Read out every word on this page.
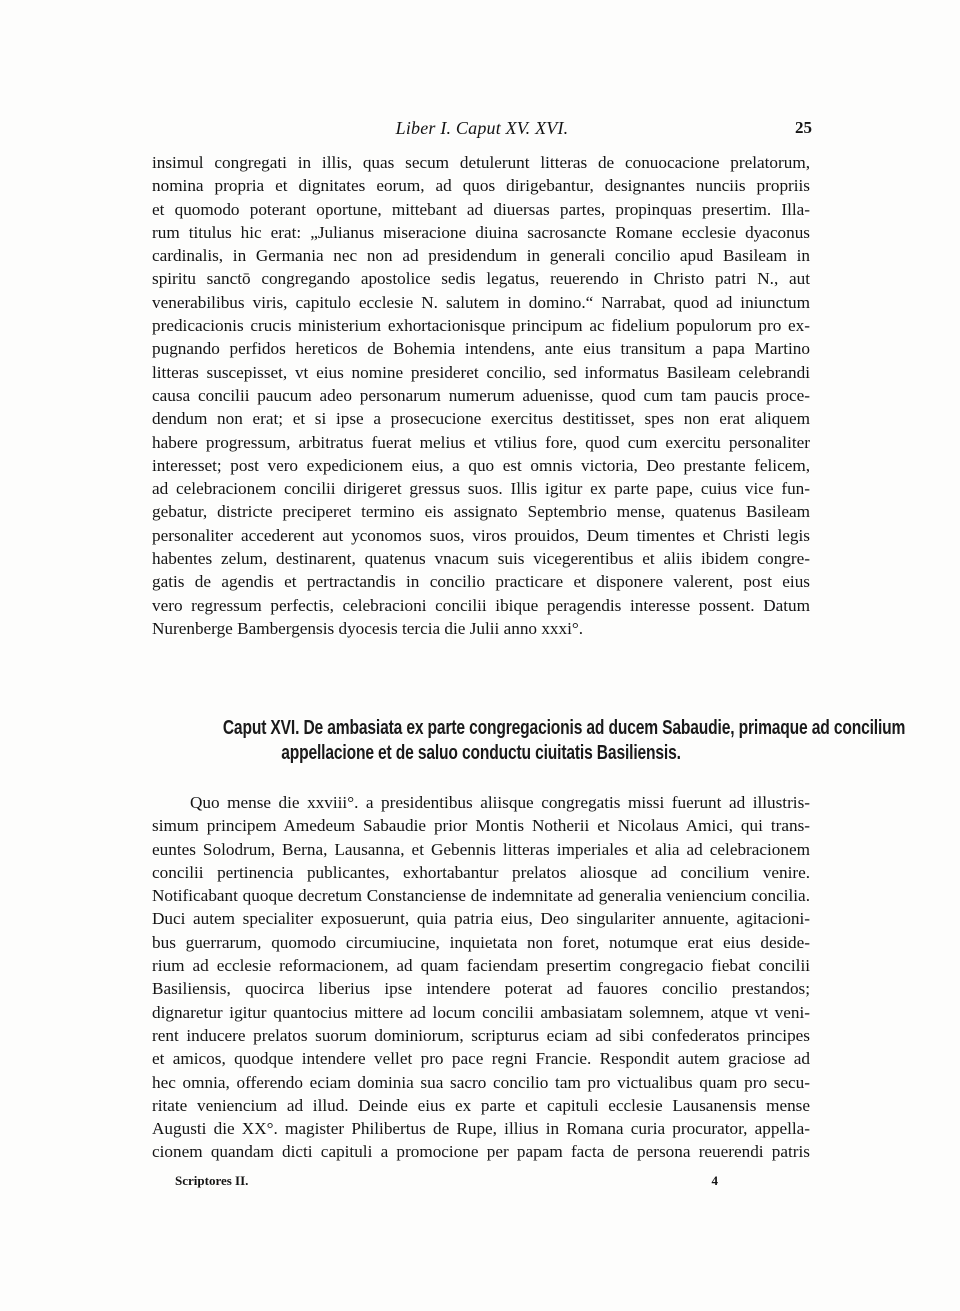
Liber I. Caput XV. XVI.	25
insimul congregati in illis, quas secum detulerunt litteras de conuocacione prelatorum,
nomina propria et dignitates eorum, ad quos dirigebantur, designantes nunciis propriis
et quomodo poterant oportune, mittebant ad diuersas partes, propinquas presertim. Illa-
rum titulus hic erat: „Julianus miseracione diuina sacrosancte Romane ecclesie dyaconus
cardinalis, in Germania nec non ad presidendum in generali concilio apud Basileam in
spiritu sanctō congregando apostolice sedis legatus, reuerendo in Christo patri N., aut
venerabilibus viris, capitulo ecclesie N. salutem in domino.“ Narrabat, quod ad iniunctum
predicacionis crucis ministerium exhortacionisque principum ac fidelium populorum pro ex-
pugnando perfidos hereticos de Bohemia intendens, ante eius transitum a papa Martino
litteras suscepisset, vt eius nomine presideret concilio, sed informatus Basileam celebrandi
causa concilii paucum adeo personarum numerum aduenisse, quod cum tam paucis proce-
dendum non erat; et si ipse a prosecucione exercitus destitisset, spes non erat aliquem
habere progressum, arbitratus fuerat melius et vtilius fore, quod cum exercitu personaliter
interesset; post vero expedicionem eius, a quo est omnis victoria, Deo prestante felicem,
ad celebracionem concilii dirigeret gressus suos. Illis igitur ex parte pape, cuius vice fun-
gebatur, districte preciperet termino eis assignato Septembrio mense, quatenus Basileam
personaliter accederent aut yconomos suos, viros prouidos, Deum timentes et Christi legis
habentes zelum, destinarent, quatenus vnacum suis vicegerentibus et aliis ibidem congre-
gatis de agendis et pertractandis in concilio practicare et disponere valerent, post eius
vero regressum perfectis, celebracioni concilii ibique peragendis interesse possent. Datum
Nurenberge Bambergensis dyocesis tercia die Julii anno xxxi°.
Caput XVI. De ambasiata ex parte congregacionis ad ducem Sabaudie, primaque ad concilium
appellacione et de saluo conductu ciuitatis Basiliensis.
Quo mense die xxviii°. a presidentibus aliisque congregatis missi fuerunt ad illustris-
simum principem Amedeum Sabaudie prior Montis Notherii et Nicolaus Amici, qui trans-
euntes Solodrum, Berna, Lausanna, et Gebennis litteras imperiales et alia ad celebracionem
concilii pertinencia publicantes, exhortabantur prelatos aliosque ad concilium venire.
Notificabant quoque decretum Constanciense de indemnitate ad generalia veniencium concilia.
Duci autem specialiter exposuerunt, quia patria eius, Deo singulariter annuente, agitacioni-
bus guerrarum, quomodo circumiucine, inquietata non foret, notumque erat eius deside-
rium ad ecclesie reformacionem, ad quam faciendam presertim congregacio fiebat concilii
Basiliensis, quocirca liberius ipse intendere poterat ad fauores concilio prestandos;
dignaretur igitur quantocius mittere ad locum concilii ambasiatam solemnem, atque vt veni-
rent inducere prelatos suorum dominiorum, scripturus eciam ad sibi confederatos principes
et amicos, quodque intendere vellet pro pace regni Francie. Respondit autem graciose ad
hec omnia, offerendo eciam dominia sua sacro concilio tam pro victualibus quam pro secu-
ritate veniencium ad illud. Deinde eius ex parte et capituli ecclesie Lausanensis mense
Augusti die XX°. magister Philibertus de Rupe, illius in Romana curia procurator, appella-
cionem quandam dicti capituli a promocione per papam facta de persona reuerendi patris
Scriptores II.	4
